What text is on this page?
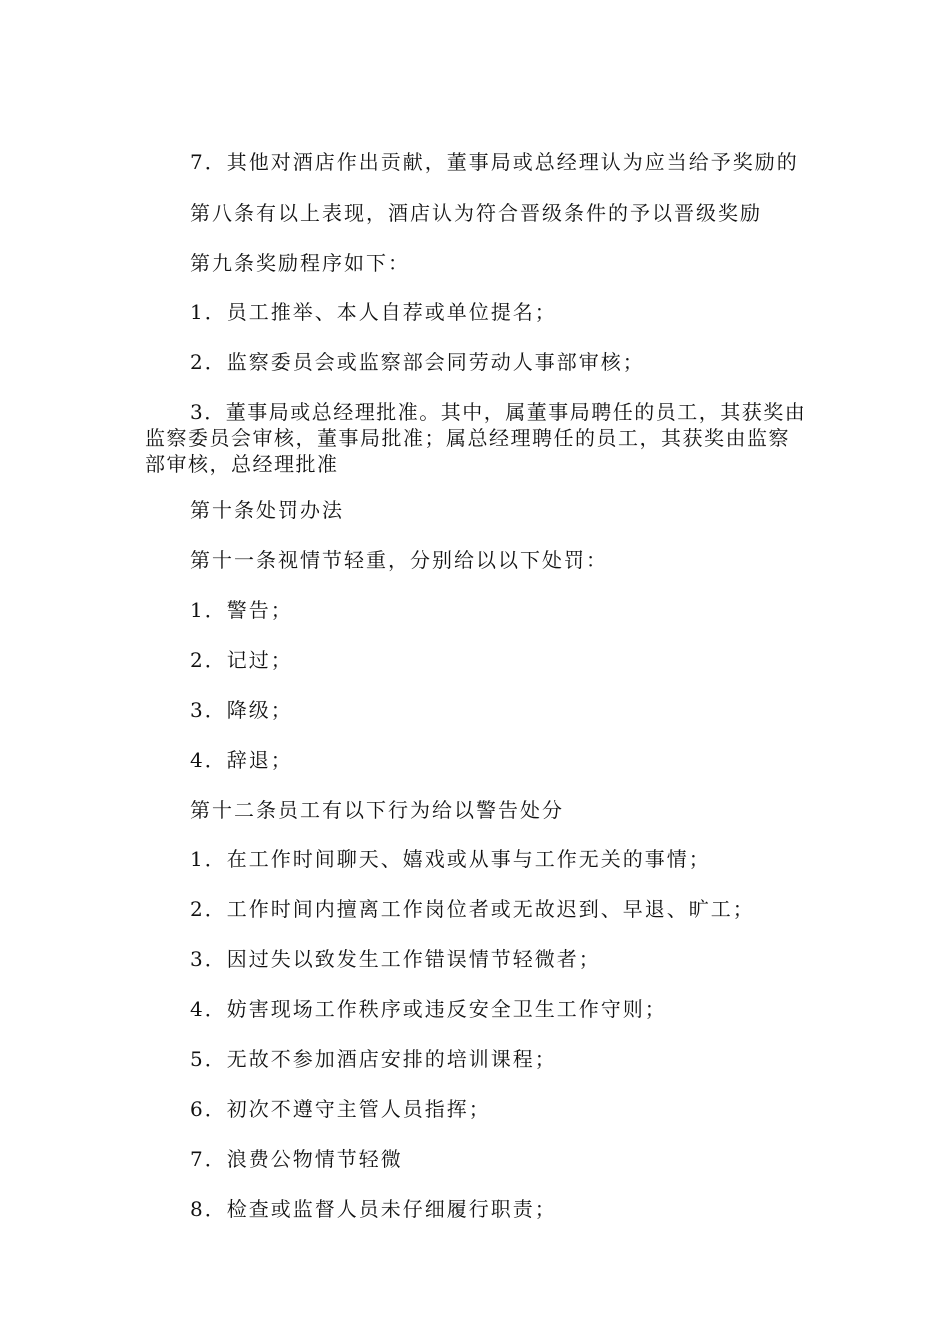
7．其他对酒店作出贡献，董事局或总经理认为应当给予奖励的

第八条有以上表现，酒店认为符合晋级条件的予以晋级奖励

第九条奖励程序如下：

1．员工推举、本人自荐或单位提名；

2．监察委员会或监察部会同劳动人事部审核；

3．董事局或总经理批准。其中，属董事局聘任的员工，其获奖由监察委员会审核，董事局批准；属总经理聘任的员工，其获奖由监察部审核，总经理批准

第十条处罚办法

第十一条视情节轻重，分别给以以下处罚：

1．警告；

2．记过；

3．降级；

4．辞退；

第十二条员工有以下行为给以警告处分

1．在工作时间聊天、嬉戏或从事与工作无关的事情；

2．工作时间内擅离工作岗位者或无故迟到、早退、旷工；

3．因过失以致发生工作错误情节轻微者；

4．妨害现场工作秩序或违反安全卫生工作守则；

5．无故不参加酒店安排的培训课程；

6．初次不遵守主管人员指挥；

7．浪费公物情节轻微

8．检查或监督人员未仔细履行职责；
